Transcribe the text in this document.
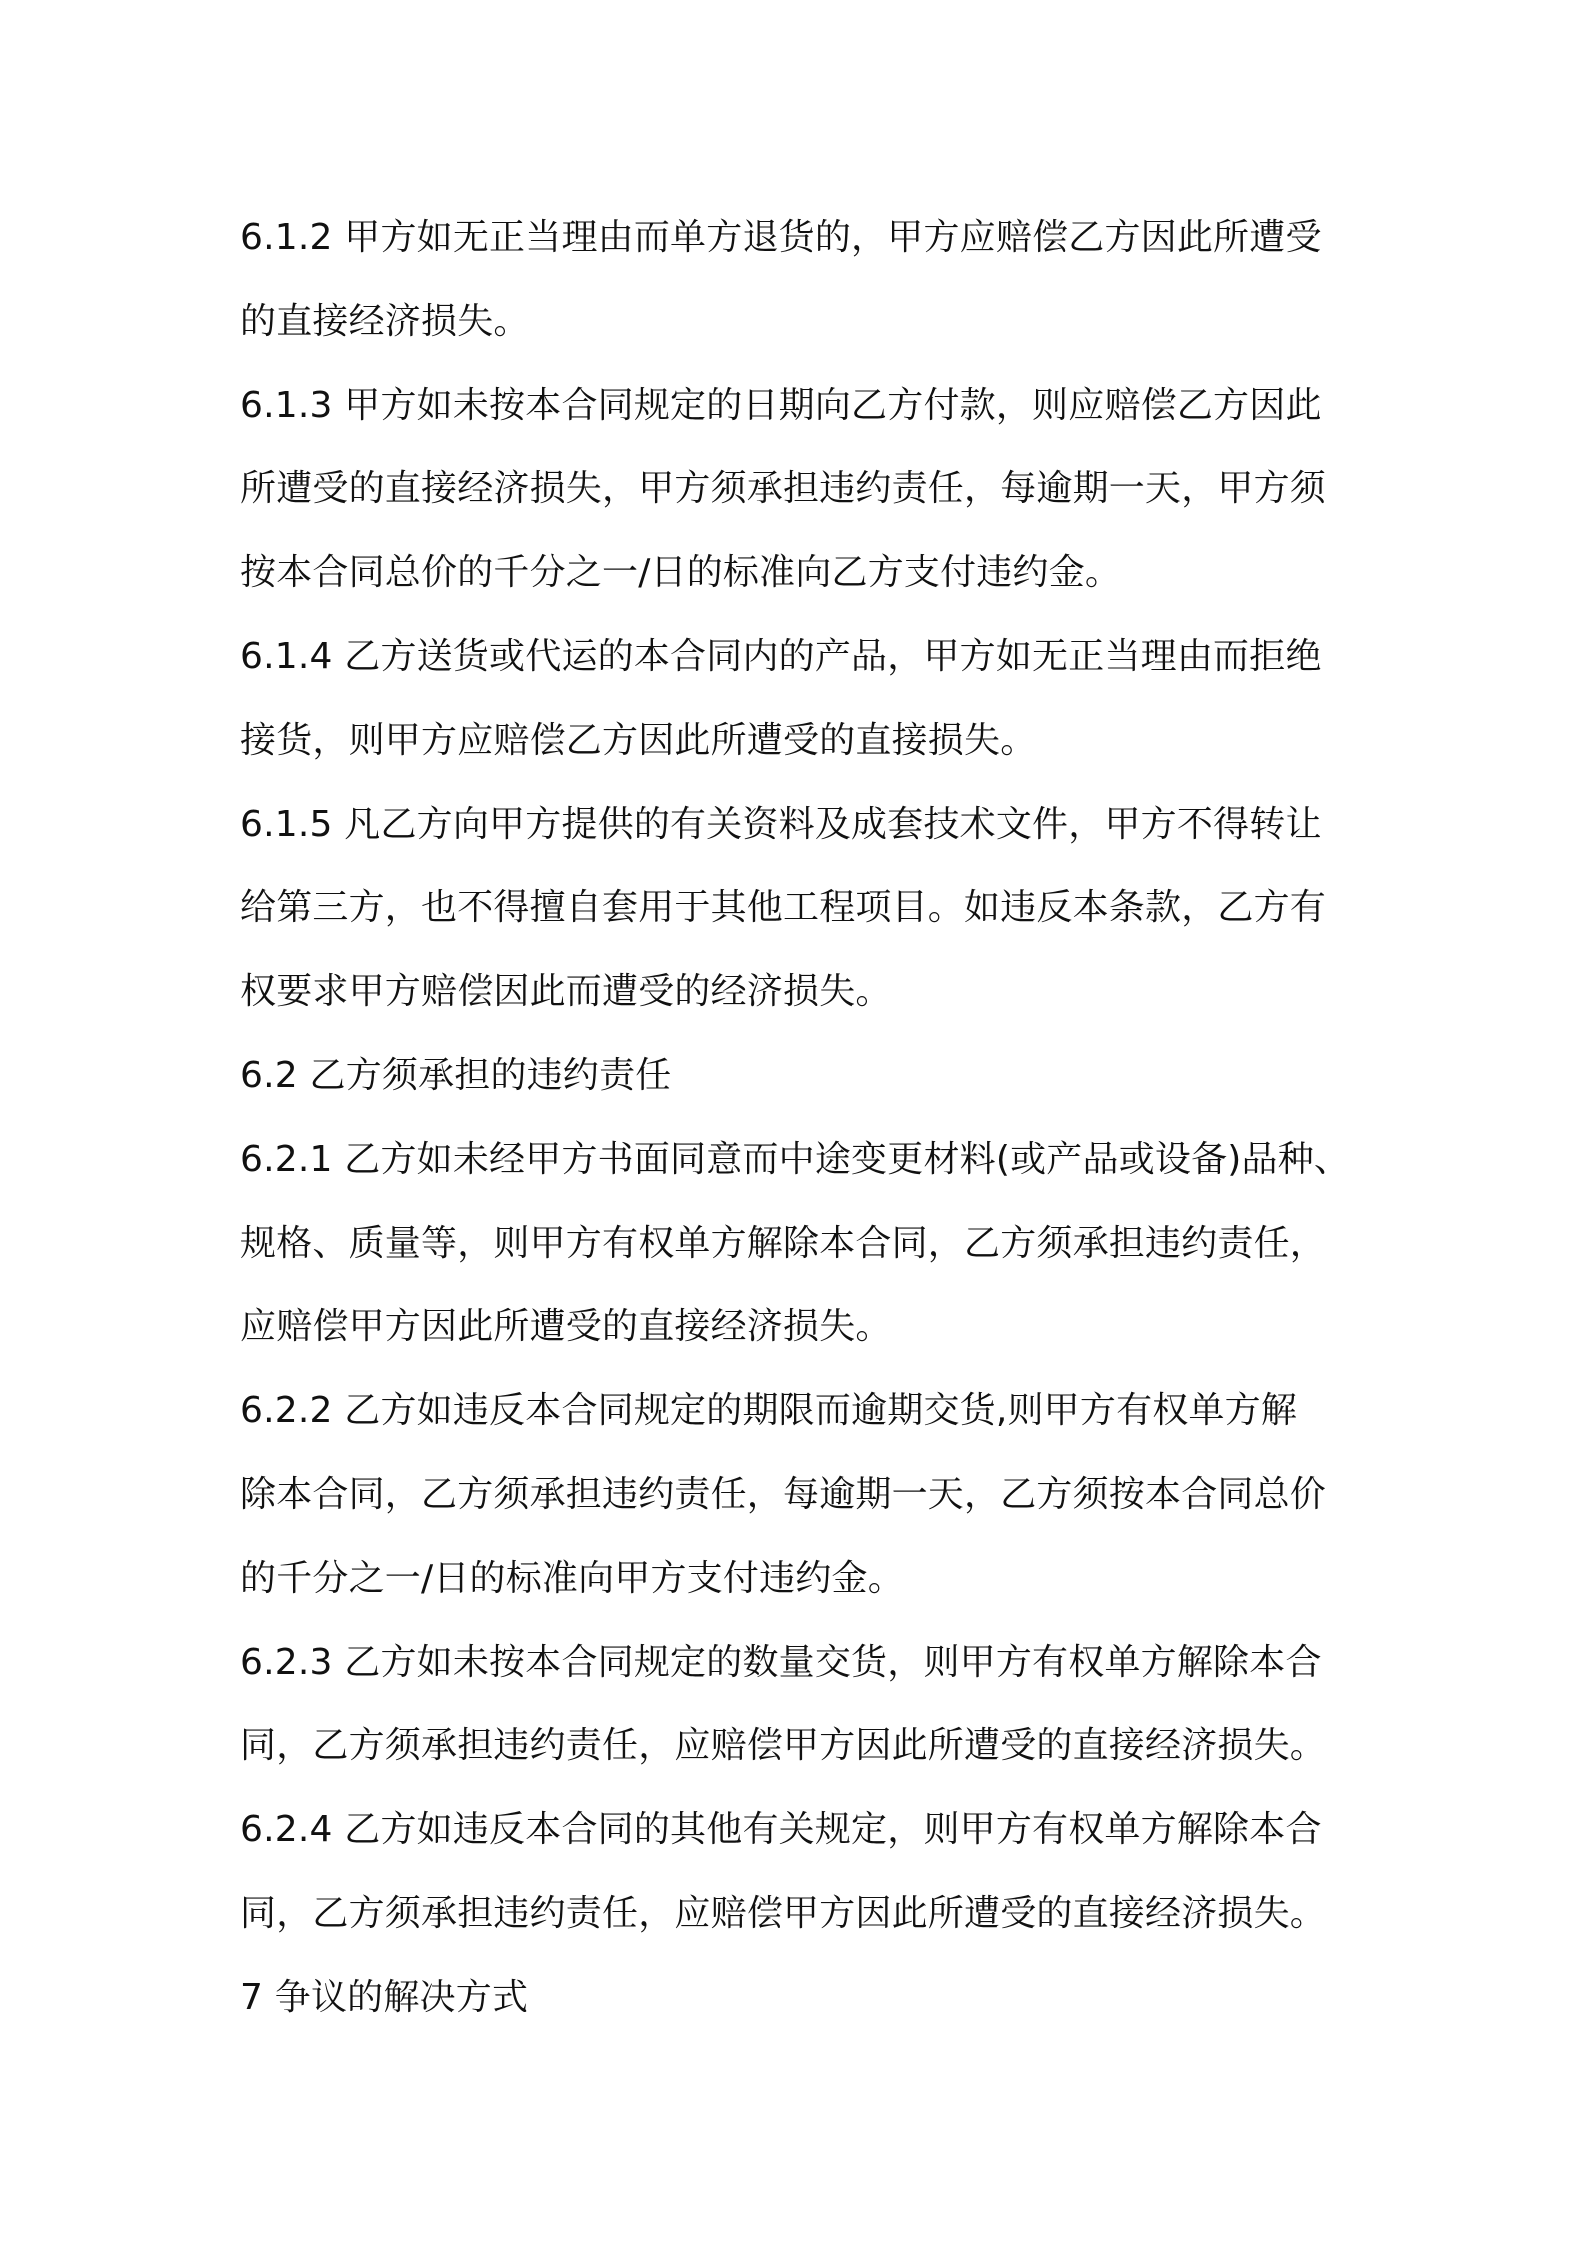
6.1.2 甲方如无正当理由而单方退货的，甲方应赔偿乙方因此所遭受
的直接经济损失。
6.1.3 甲方如未按本合同规定的日期向乙方付款，则应赔偿乙方因此
所遭受的直接经济损失，甲方须承担违约责任，每逾期一天，甲方须
按本合同总价的千分之一/日的标准向乙方支付违约金。
6.1.4 乙方送货或代运的本合同内的产品，甲方如无正当理由而拒绝
接货，则甲方应赔偿乙方因此所遭受的直接损失。
6.1.5 凡乙方向甲方提供的有关资料及成套技术文件，甲方不得转让
给第三方，也不得擅自套用于其他工程项目。如违反本条款，乙方有
权要求甲方赔偿因此而遭受的经济损失。
6.2 乙方须承担的违约责任
6.2.1 乙方如未经甲方书面同意而中途变更材料(或产品或设备)品种、
规格、质量等，则甲方有权单方解除本合同，乙方须承担违约责任，
应赔偿甲方因此所遭受的直接经济损失。
6.2.2 乙方如违反本合同规定的期限而逾期交货,则甲方有权单方解
除本合同，乙方须承担违约责任，每逾期一天，乙方须按本合同总价
的千分之一/日的标准向甲方支付违约金。
6.2.3 乙方如未按本合同规定的数量交货，则甲方有权单方解除本合
同，乙方须承担违约责任，应赔偿甲方因此所遭受的直接经济损失。
6.2.4 乙方如违反本合同的其他有关规定，则甲方有权单方解除本合
同，乙方须承担违约责任，应赔偿甲方因此所遭受的直接经济损失。
7 争议的解决方式
